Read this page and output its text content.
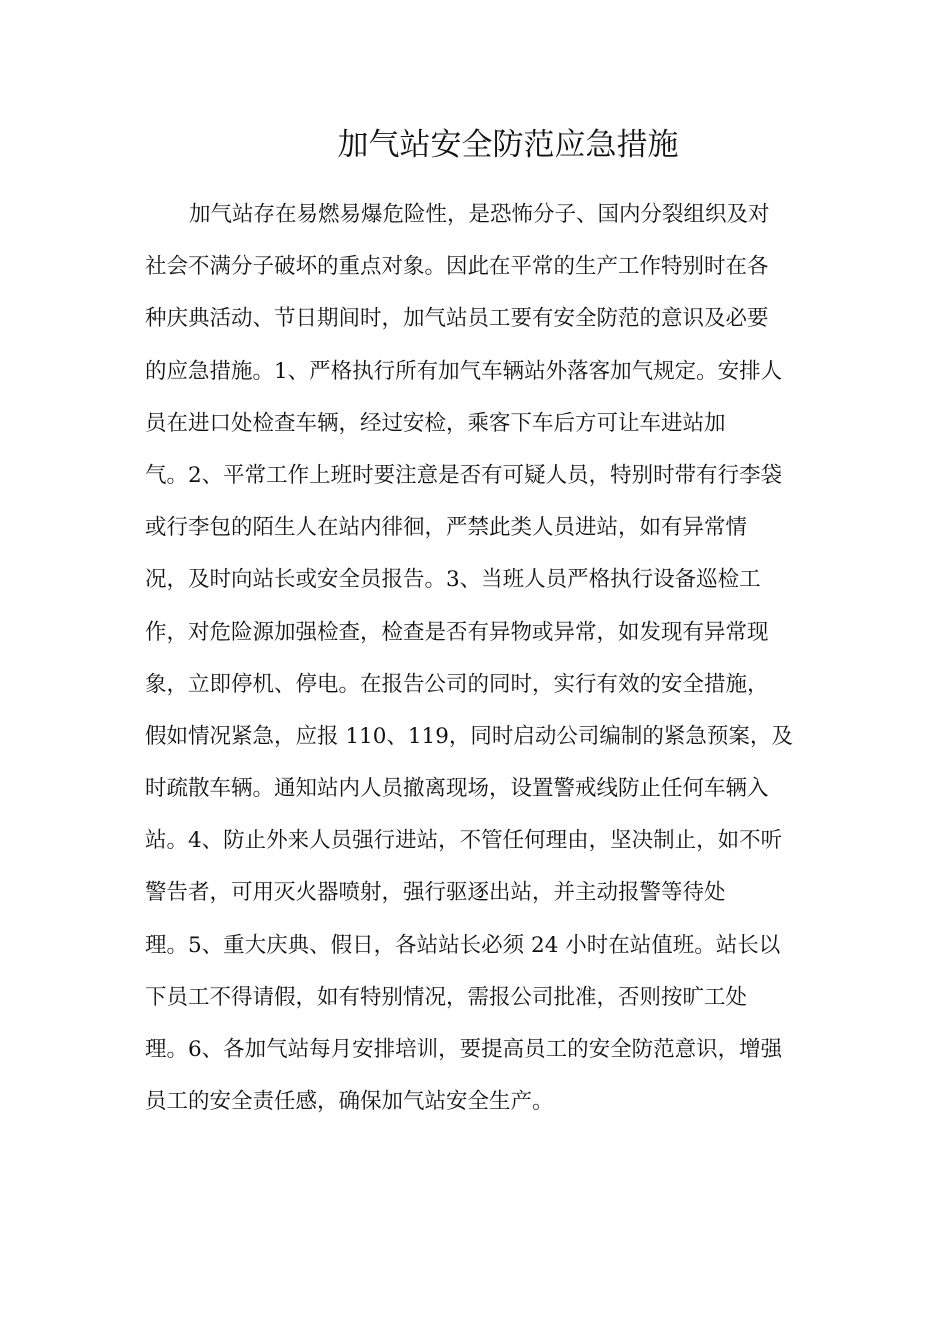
加气站安全防范应急措施
加气站存在易燃易爆危险性，是恐怖分子、国内分裂组织及对
社会不满分子破坏的重点对象。因此在平常的生产工作特别时在各
种庆典活动、节日期间时，加气站员工要有安全防范的意识及必要
的应急措施。1、严格执行所有加气车辆站外落客加气规定。安排人
员在进口处检查车辆，经过安检，乘客下车后方可让车进站加
气。2、平常工作上班时要注意是否有可疑人员，特别时带有行李袋
或行李包的陌生人在站内徘徊，严禁此类人员进站，如有异常情
况，及时向站长或安全员报告。3、当班人员严格执行设备巡检工
作，对危险源加强检查，检查是否有异物或异常，如发现有异常现
象，立即停机、停电。在报告公司的同时，实行有效的安全措施，
假如情况紧急，应报 110、119，同时启动公司编制的紧急预案，及
时疏散车辆。通知站内人员撤离现场，设置警戒线防止任何车辆入
站。4、防止外来人员强行进站，不管任何理由，坚决制止，如不听
警告者，可用灭火器喷射，强行驱逐出站，并主动报警等待处
理。5、重大庆典、假日，各站站长必须 24 小时在站值班。站长以
下员工不得请假，如有特别情况，需报公司批准，否则按旷工处
理。6、各加气站每月安排培训，要提高员工的安全防范意识，增强
员工的安全责任感，确保加气站安全生产。
